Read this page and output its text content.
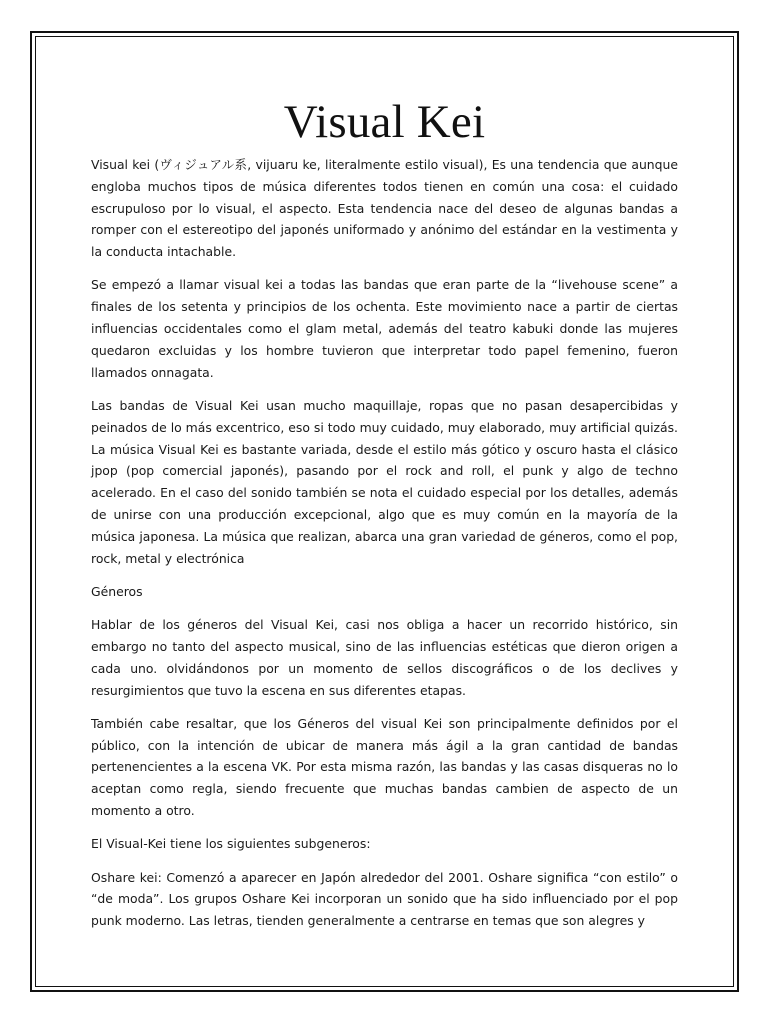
Visual Kei

Visual kei (ヴィジュアル系, vijuaru ke, literalmente estilo visual), Es una tendencia que aunque engloba muchos tipos de música diferentes todos tienen en común una cosa: el cuidado escrupuloso por lo visual, el aspecto. Esta tendencia nace del deseo de algunas bandas a romper con el estereotipo del japonés uniformado y anónimo del estándar en la vestimenta y la conducta intachable.

Se empezó a llamar visual kei a todas las bandas que eran parte de la “livehouse scene” a finales de los setenta y principios de los ochenta. Este movimiento nace a partir de ciertas influencias occidentales como el glam metal, además del teatro kabuki donde las mujeres quedaron excluidas y los hombre tuvieron que interpretar todo papel femenino, fueron llamados onnagata.

Las bandas de Visual Kei usan mucho maquillaje, ropas que no pasan desapercibidas y peinados de lo más excentrico, eso si todo muy cuidado, muy elaborado, muy artificial quizás. La música Visual Kei es bastante variada, desde el estilo más gótico y oscuro hasta el clásico jpop (pop comercial japonés), pasando por el rock and roll, el punk y algo de techno acelerado. En el caso del sonido también se nota el cuidado especial por los detalles, además de unirse con una producción excepcional, algo que es muy común en la mayoría de la música japonesa. La música que realizan, abarca una gran variedad de géneros, como el pop, rock, metal y electrónica

Géneros

Hablar de los géneros del Visual Kei, casi nos obliga a hacer un recorrido histórico, sin embargo no tanto del aspecto musical, sino de las influencias estéticas que dieron origen a cada uno. olvidándonos por un momento de sellos discográficos o de los declives y resurgimientos que tuvo la escena en sus diferentes etapas.

También cabe resaltar, que los Géneros del visual Kei son principalmente definidos por el público, con la intención de ubicar de manera más ágil a la gran cantidad de bandas pertenencientes a la escena VK. Por esta misma razón, las bandas y las casas disqueras no lo aceptan como regla, siendo frecuente que muchas bandas cambien de aspecto de un momento a otro.

El Visual-Kei tiene los siguientes subgeneros:

Oshare kei: Comenzó a aparecer en Japón alrededor del 2001. Oshare significa “con estilo” o “de moda”. Los grupos Oshare Kei incorporan un sonido que ha sido influenciado por el pop punk moderno. Las letras, tienden generalmente a centrarse en temas que son alegres y
